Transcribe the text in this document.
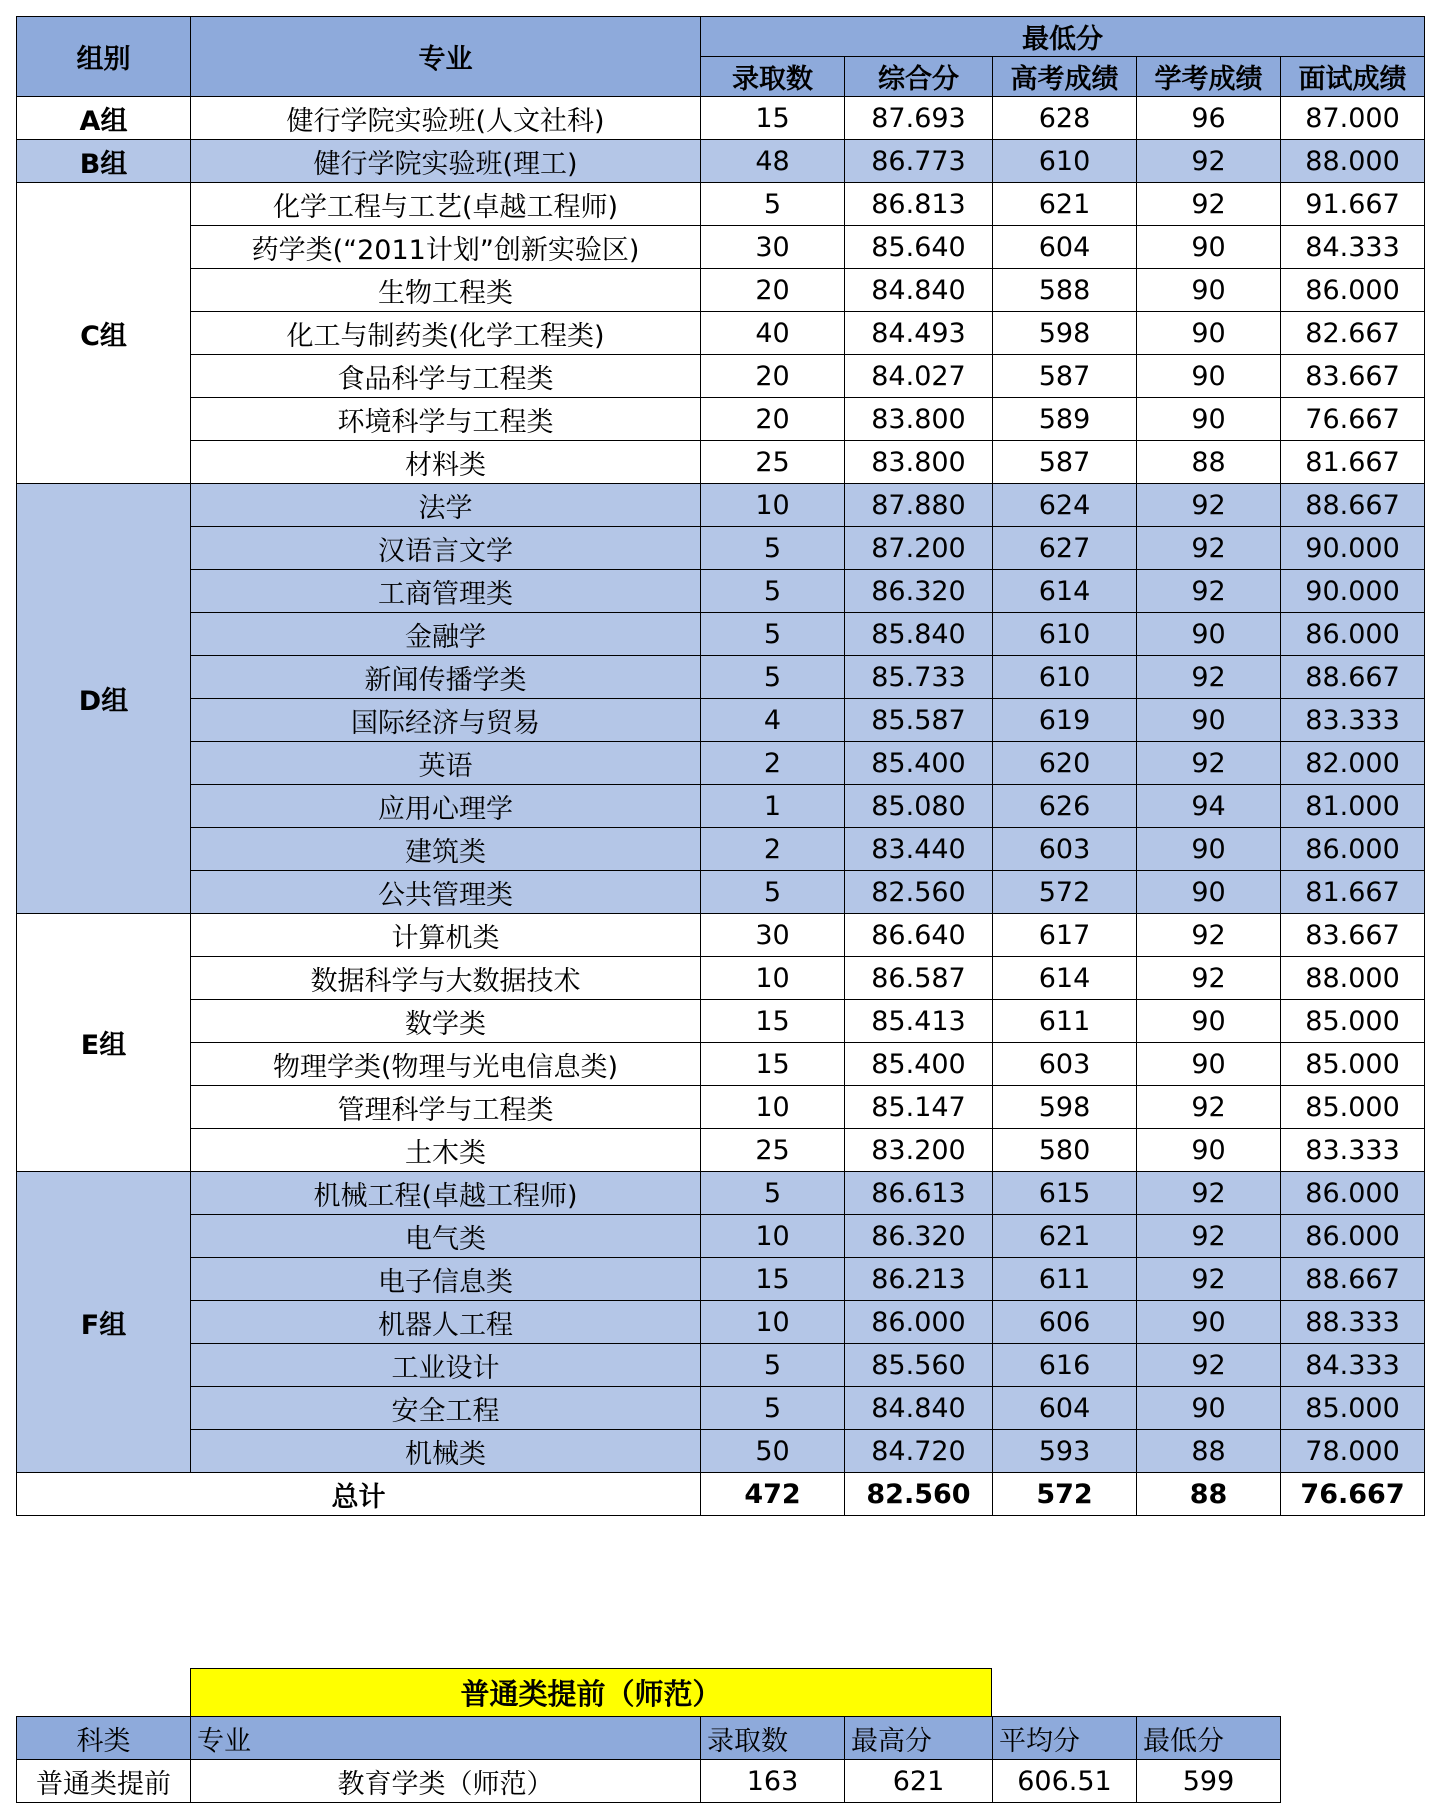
组别	专业	最低分				
		录取数	综合分	高考成绩	学考成绩	面试成绩
A组	健行学院实验班(人文社科)	15	87.693	628	96	87.000
B组	健行学院实验班(理工)	48	86.773	610	92	88.000
C组	化学工程与工艺(卓越工程师)	5	86.813	621	92	91.667
	药学类(“2011计划”创新实验区)	30	85.640	604	90	84.333
	生物工程类	20	84.840	588	90	86.000
	化工与制药类(化学工程类)	40	84.493	598	90	82.667
	食品科学与工程类	20	84.027	587	90	83.667
	环境科学与工程类	20	83.800	589	90	76.667
	材料类	25	83.800	587	88	81.667
D组	法学	10	87.880	624	92	88.667
	汉语言文学	5	87.200	627	92	90.000
	工商管理类	5	86.320	614	92	90.000
	金融学	5	85.840	610	90	86.000
	新闻传播学类	5	85.733	610	92	88.667
	国际经济与贸易	4	85.587	619	90	83.333
	英语	2	85.400	620	92	82.000
	应用心理学	1	85.080	626	94	81.000
	建筑类	2	83.440	603	90	86.000
	公共管理类	5	82.560	572	90	81.667
E组	计算机类	30	86.640	617	92	83.667
	数据科学与大数据技术	10	86.587	614	92	88.000
	数学类	15	85.413	611	90	85.000
	物理学类(物理与光电信息类)	15	85.400	603	90	85.000
	管理科学与工程类	10	85.147	598	92	85.000
	土木类	25	83.200	580	90	83.333
F组	机械工程(卓越工程师)	5	86.613	615	92	86.000
	电气类	10	86.320	621	92	86.000
	电子信息类	15	86.213	611	92	88.667
	机器人工程	10	86.000	606	90	88.333
	工业设计	5	85.560	616	92	84.333
	安全工程	5	84.840	604	90	85.000
	机械类	50	84.720	593	88	78.000
总计		472	82.560	572	88	76.667
普通类提前（师范）
科类	专业	录取数	最高分	平均分	最低分
普通类提前	教育学类（师范）	163	621	606.51	599
